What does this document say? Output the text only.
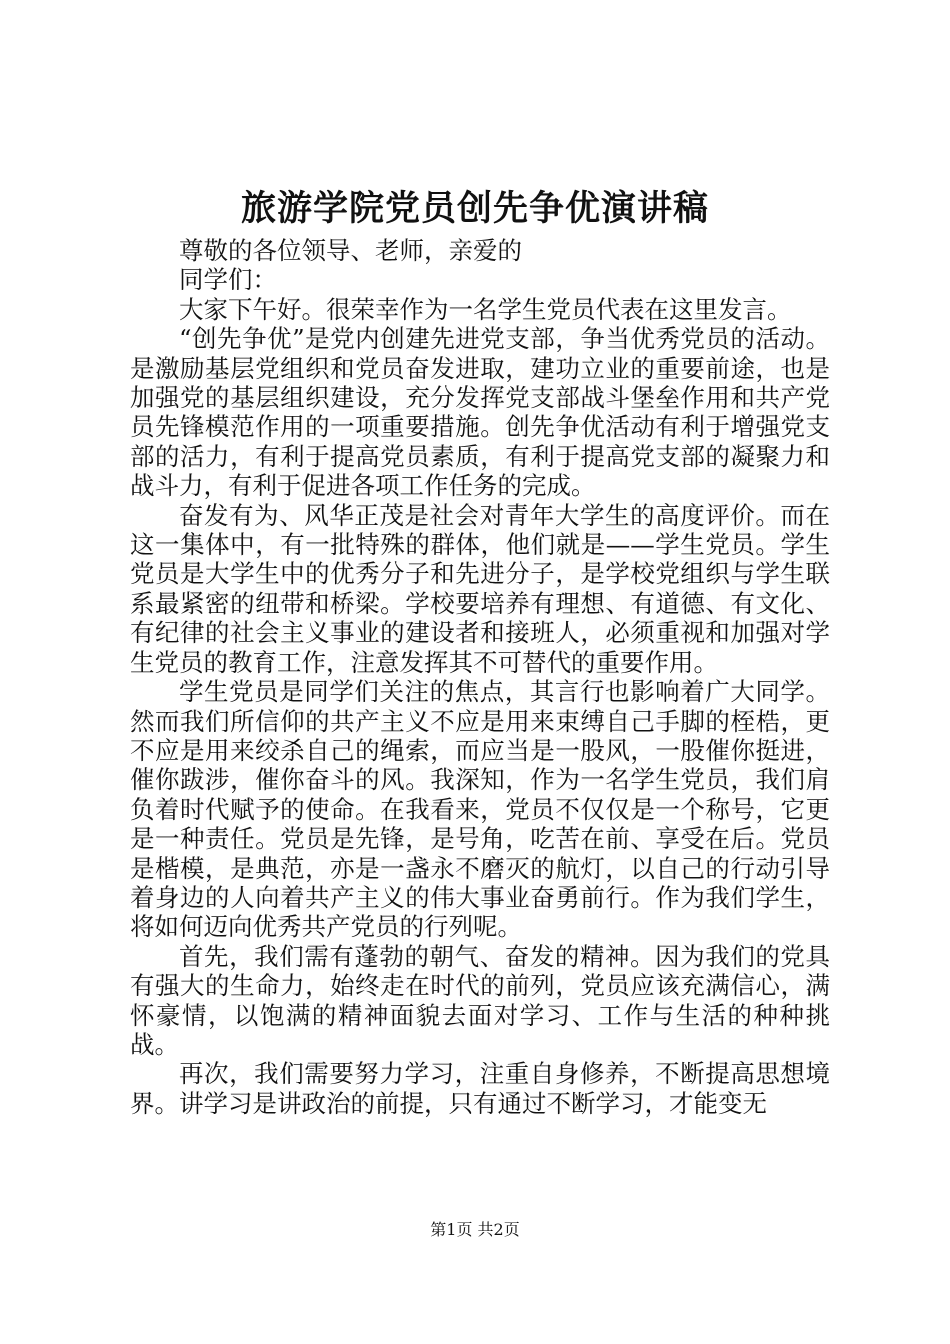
旅游学院党员创先争优演讲稿

尊敬的各位领导、老师，亲爱的

同学们：

大家下午好。很荣幸作为一名学生党员代表在这里发言。

“创先争优”是党内创建先进党支部，争当优秀党员的活动。是激励基层党组织和党员奋发进取，建功立业的重要前途，也是加强党的基层组织建设，充分发挥党支部战斗堡垒作用和共产党员先锋模范作用的一项重要措施。创先争优活动有利于增强党支部的活力，有利于提高党员素质，有利于提高党支部的凝聚力和战斗力，有利于促进各项工作任务的完成。

奋发有为、风华正茂是社会对青年大学生的高度评价。而在这一集体中，有一批特殊的群体，他们就是——学生党员。学生党员是大学生中的优秀分子和先进分子，是学校党组织与学生联系最紧密的纽带和桥梁。学校要培养有理想、有道德、有文化、有纪律的社会主义事业的建设者和接班人，必须重视和加强对学生党员的教育工作，注意发挥其不可替代的重要作用。

学生党员是同学们关注的焦点，其言行也影响着广大同学。然而我们所信仰的共产主义不应是用来束缚自己手脚的桎梏，更不应是用来绞杀自己的绳索，而应当是一股风，一股催你挺进，催你跋涉，催你奋斗的风。我深知，作为一名学生党员，我们肩负着时代赋予的使命。在我看来，党员不仅仅是一个称号，它更是一种责任。党员是先锋，是号角，吃苦在前、享受在后。党员是楷模，是典范，亦是一盏永不磨灭的航灯，以自己的行动引导着身边的人向着共产主义的伟大事业奋勇前行。作为我们学生，将如何迈向优秀共产党员的行列呢。

首先，我们需有蓬勃的朝气、奋发的精神。因为我们的党具有强大的生命力，始终走在时代的前列，党员应该充满信心，满怀豪情，以饱满的精神面貌去面对学习、工作与生活的种种挑战。

再次，我们需要努力学习，注重自身修养，不断提高思想境界。讲学习是讲政治的前提，只有通过不断学习，才能变无

第1页 共2页
